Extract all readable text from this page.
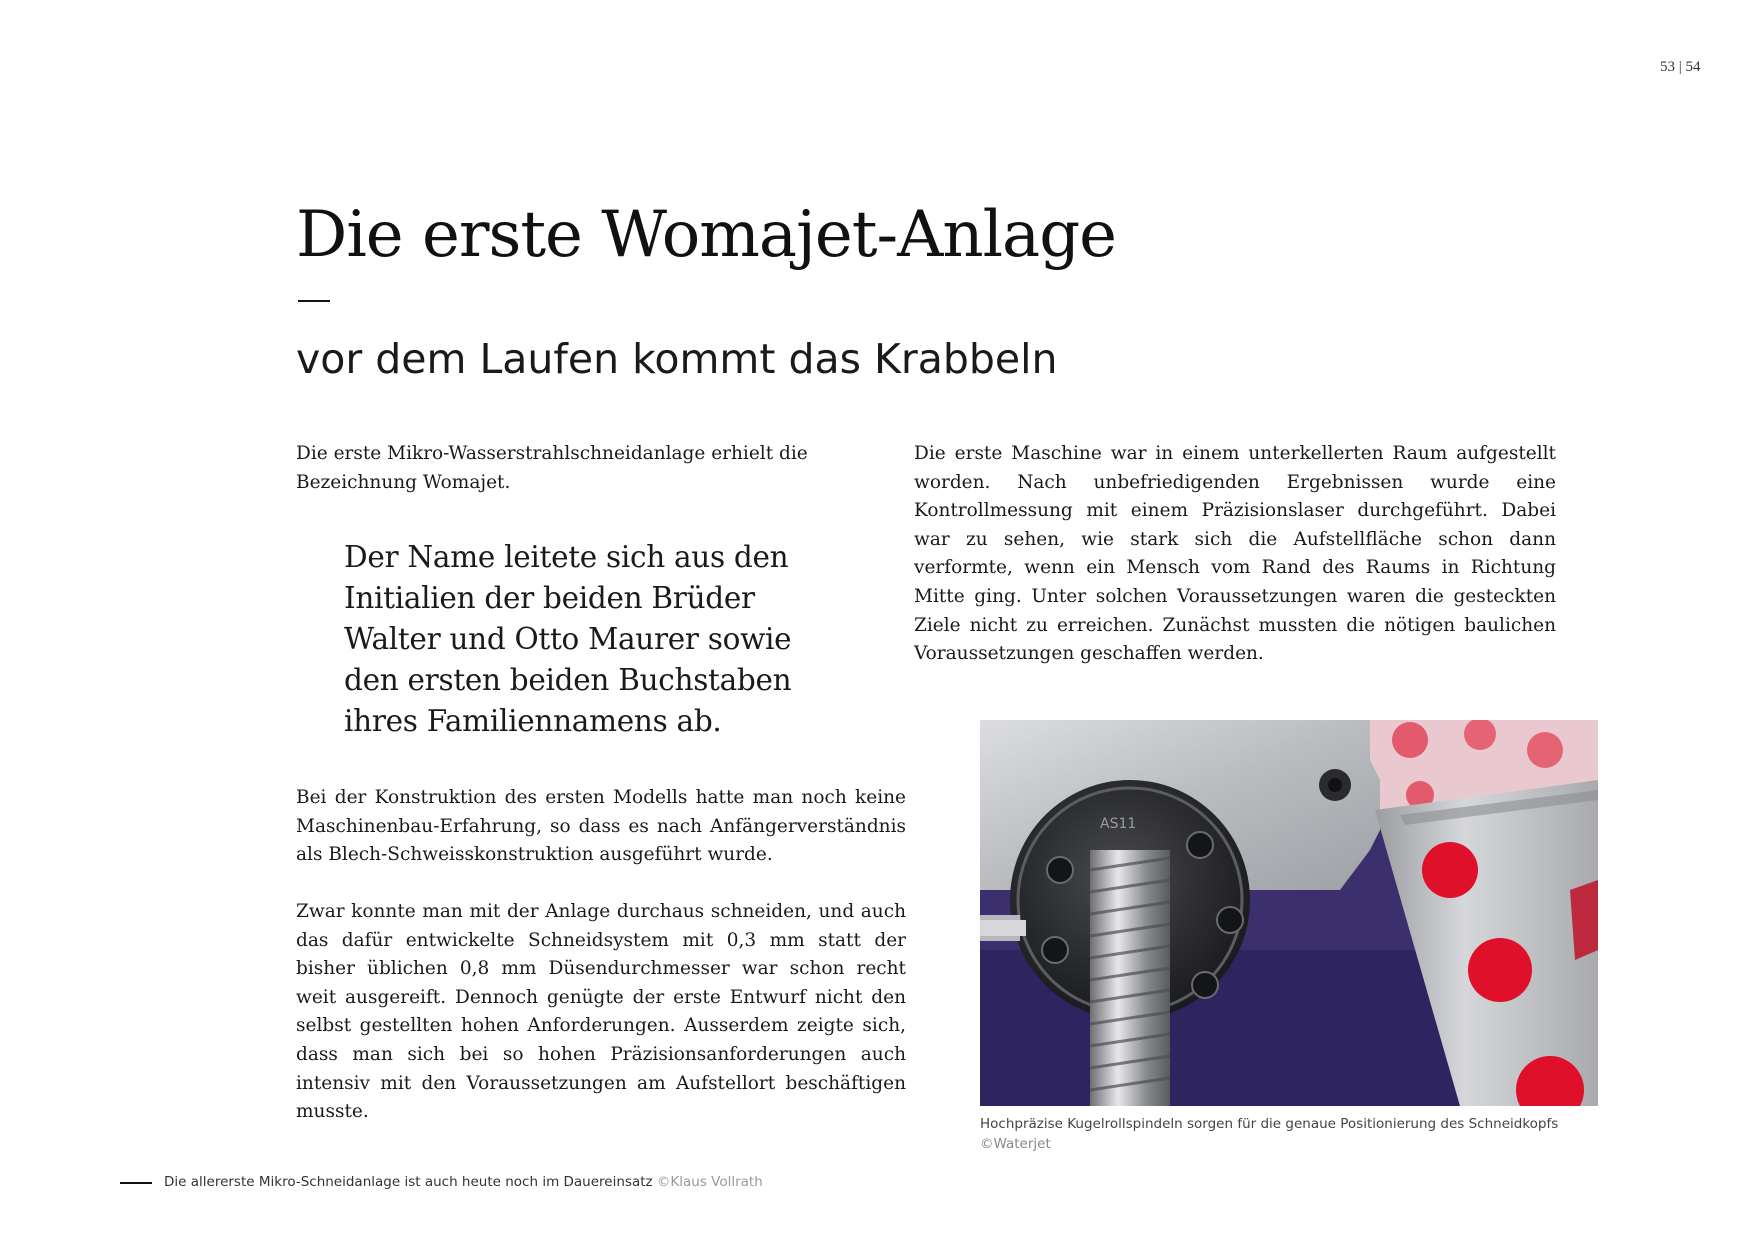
53 | 54
Die erste Womajet-Anlage
vor dem Laufen kommt das Krabbeln

Die erste Mikro-Wasserstrahlschneidanlage erhielt die Bezeichnung Womajet.

Der Name leitete sich aus den
Initialien der beiden Brüder
Walter und Otto Maurer sowie
den ersten beiden Buchstaben
ihres Familiennamens ab.

Bei der Konstruktion des ersten Modells hatte man noch keine Maschinenbau-Erfahrung, so dass es nach Anfängerverständnis als Blech-Schweisskonstruktion ausgeführt wurde.

Zwar konnte man mit der Anlage durchaus schneiden, und auch das dafür entwickelte Schneidsystem mit 0,3 mm statt der bisher üblichen 0,8 mm Düsendurchmesser war schon recht weit ausgereift. Dennoch genügte der erste Entwurf nicht den selbst gestellten hohen Anforderungen. Ausserdem zeigte sich, dass man sich bei so hohen Präzisionsanforderungen auch intensiv mit den Voraussetzungen am Aufstellort beschäftigen musste.

Die erste Maschine war in einem unterkellerten Raum aufgestellt worden. Nach unbefriedigenden Ergebnissen wurde eine Kontrollmessung mit einem Präzisionslaser durchgeführt. Dabei war zu sehen, wie stark sich die Aufstellfläche schon dann verformte, wenn ein Mensch vom Rand des Raums in Richtung Mitte ging. Unter solchen Voraussetzungen waren die gesteckten Ziele nicht zu erreichen. Zunächst mussten die nötigen baulichen Voraussetzungen geschaffen werden.

AS11

Hochpräzise Kugelrollspindeln sorgen für die genaue Positionierung des Schneidkopfs

©Waterjet

Die allererste Mikro-Schneidanlage ist auch heute noch im Dauereinsatz ©Klaus Vollrath
